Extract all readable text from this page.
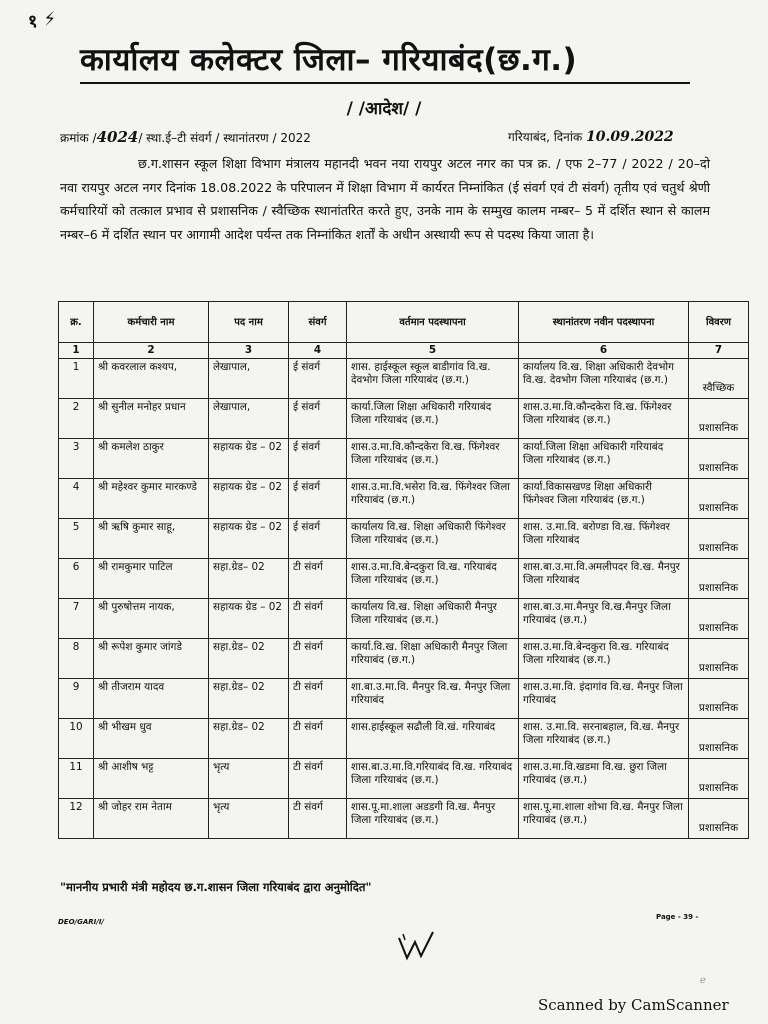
१ ⚡
कार्यालय कलेक्टर जिला– गरियाबंद(छ.ग.)
/ /आदेश/ /
क्रमांक /4024/ स्था.ई–टी संवर्ग / स्थानांतरण / 2022	गरियाबंद, दिनांक 10.09.2022
छ.ग.शासन स्कूल शिक्षा विभाग मंत्रालय महानदी भवन नया रायपुर अटल नगर का पत्र क्र. / एफ 2–77 / 2022 / 20–दो नवा रायपुर अटल नगर दिनांक 18.08.2022 के परिपालन में शिक्षा विभाग में कार्यरत निम्नांकित (ई संवर्ग एवं टी संवर्ग) तृतीय एवं चतुर्थ श्रेणी कर्मचारियों को तत्काल प्रभाव से प्रशासनिक / स्वैच्छिक स्थानांतरित करते हुए, उनके नाम के सम्मुख कालम नम्बर– 5 में दर्शित स्थान से कालम नम्बर–6 में दर्शित स्थान पर आगामी आदेश पर्यन्त तक निम्नांकित शर्तों के अधीन अस्थायी रूप से पदस्थ किया जाता है।
क्र.	कर्मचारी नाम	पद नाम	संवर्ग	वर्तमान पदस्थापना	स्थानांतरण नवीन पदस्थापना	विवरण
1	2	3	4	5	6	7
1	श्री कवरलाल कश्यप,	लेखापाल,	ई संवर्ग	शास. हाईस्कूल स्कूल बाडीगांव वि.ख. देवभोग जिला गरियाबंद (छ.ग.)	कार्यालय वि.ख. शिक्षा अधिकारी देवभोग वि.ख. देवभोग जिला गरियाबंद (छ.ग.)	स्वैच्छिक
2	श्री सुनील मनोहर प्रधान	लेखापाल,	ई संवर्ग	कार्या.जिला शिक्षा अधिकारी गरियाबंद जिला गरियाबंद (छ.ग.)	शास.उ.मा.वि.कौन्दकेरा वि.ख. फिंगेश्वर जिला गरियाबंद (छ.ग.)	प्रशासनिक
3	श्री कमलेश ठाकुर	सहायक ग्रेड – 02	ई संवर्ग	शास.उ.मा.वि.कौन्दकेरा वि.ख. फिंगेश्वर जिला गरियाबंद (छ.ग.)	कार्या.जिला शिक्षा अधिकारी गरियाबंद जिला गरियाबंद (छ.ग.)	प्रशासनिक
4	श्री महेश्वर कुमार मारकण्डे	सहायक ग्रेड – 02	ई संवर्ग	शास.उ.मा.वि.भसेरा वि.ख. फिंगेश्वर जिला गरियाबंद (छ.ग.)	कार्या.विकासखण्ड शिक्षा अधिकारी फिंगेश्वर जिला गरियाबंद (छ.ग.)	प्रशासनिक
5	श्री ऋषि कुमार साहू,	सहायक ग्रेड – 02	ई संवर्ग	कार्यालय वि.ख. शिक्षा अधिकारी फिंगेश्वर जिला गरियाबंद (छ.ग.)	शास. उ.मा.वि. बरोण्डा वि.ख. फिंगेश्वर जिला गरियाबंद	प्रशासनिक
6	श्री रामकुमार पाटिल	सहा.ग्रेड– 02	टी संवर्ग	शास.उ.मा.वि.बेन्दकुरा वि.ख. गरियाबंद जिला गरियाबंद (छ.ग.)	शास.बा.उ.मा.वि.अमलीपदर वि.ख. मैनपुर जिला गरियाबंद	प्रशासनिक
7	श्री पुरुषोत्तम नायक,	सहायक ग्रेड – 02	टी संवर्ग	कार्यालय वि.ख. शिक्षा अधिकारी मैनपुर जिला गरियाबंद (छ.ग.)	शास.बा.उ.मा.मैनपुर वि.ख.मैनपुर जिला गरियाबंद (छ.ग.)	प्रशासनिक
8	श्री रूपेश कुमार जांगडे	सहा.ग्रेड– 02	टी संवर्ग	कार्या.वि.ख. शिक्षा अधिकारी मैनपुर जिला गरियाबंद (छ.ग.)	शास.उ.मा.वि.बेन्दकुरा वि.ख. गरियाबंद जिला गरियाबंद (छ.ग.)	प्रशासनिक
9	श्री तीजराम यादव	सहा.ग्रेड– 02	टी संवर्ग	शा.बा.उ.मा.वि. मैनपुर वि.ख. मैनपुर जिला गरियाबंद	शास.उ.मा.वि. इंदागांव वि.ख. मैनपुर जिला गरियाबंद	प्रशासनिक
10	श्री भीखम धुव	सहा.ग्रेड– 02	टी संवर्ग	शास.हाईस्कूल सढौली वि.खं. गरियाबंद	शास. उ.मा.वि. सरनाबहाल, वि.ख. मैनपुर जिला गरियाबंद (छ.ग.)	प्रशासनिक
11	श्री आशीष भट्ट	भृत्य	टी संवर्ग	शास.बा.उ.मा.वि.गरियाबंद वि.ख. गरियाबंद जिला गरियाबंद (छ.ग.)	शास.उ.मा.वि.खडमा वि.ख. छुरा जिला गरियाबंद (छ.ग.)	प्रशासनिक
12	श्री जोहर राम नेताम	भृत्य	टी संवर्ग	शास.पू.मा.शाला अडडगी वि.ख. मैनपुर जिला गरियाबंद (छ.ग.)	शास.पू.मा.शाला शोभा वि.ख. मैनपुर जिला गरियाबंद (छ.ग.)	प्रशासनिक
"माननीय प्रभारी मंत्री महोदय छ.ग.शासन जिला गरियाबंद द्वारा अनुमोदित"
DEO/GARI/I/
Page - 39 -
ℯ
Scanned by CamScanner
